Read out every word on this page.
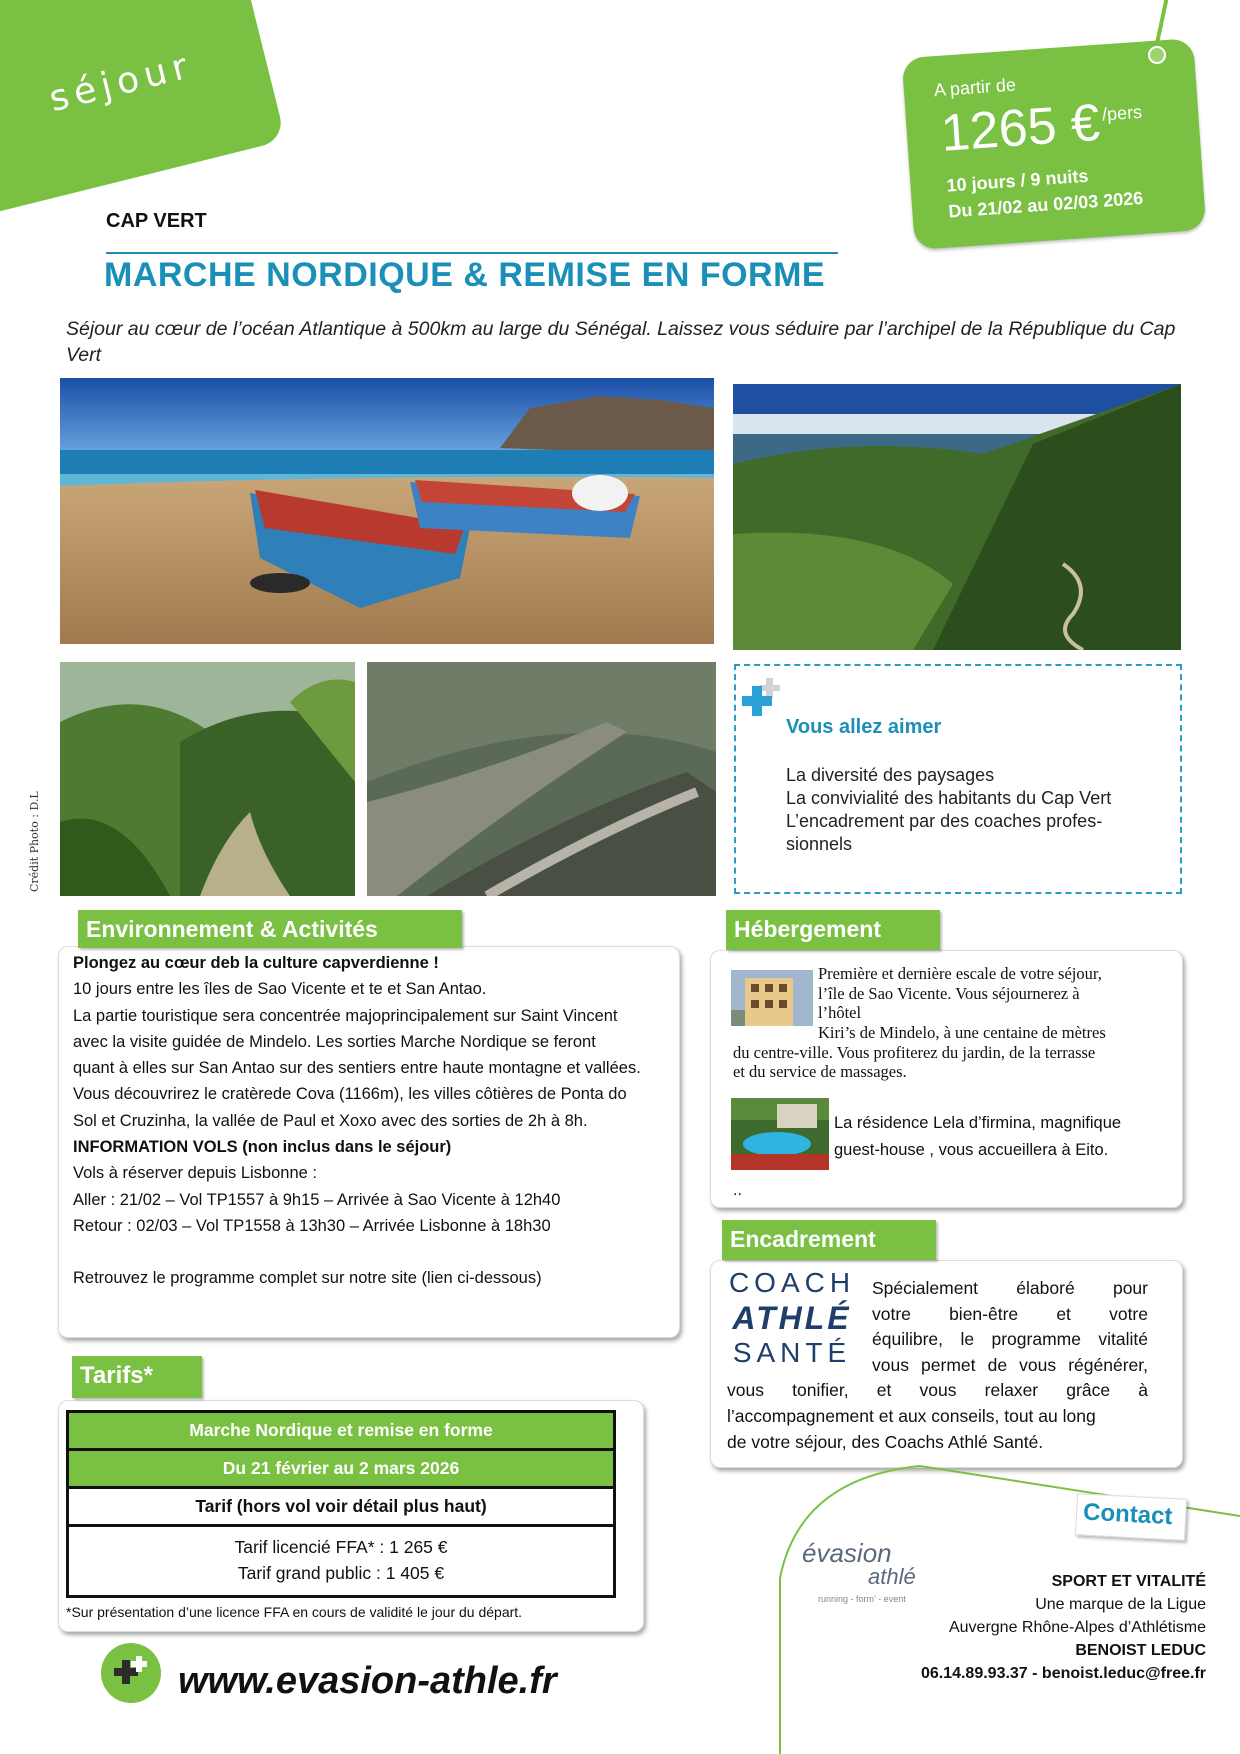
séjour	A partir de
1265 € /pers
10 jours / 9 nuits
Du 21/02 au 02/03 2026
CAP VERT
MARCHE NORDIQUE & REMISE EN FORME
Séjour au cœur de l’océan Atlantique à 500km au large du Sénégal. Laissez vous séduire par l’archipel de la République du Cap Vert
Crédit Photo : D.L
Vous allez aimer
La diversité des paysages
La convivialité des habitants du Cap Vert
L’encadrement par des coaches profes-
sionnels
Environnement & Activités
Plongez au cœur deb la culture capverdienne !
10 jours entre les îles de Sao Vicente et te et San Antao.
La partie touristique sera concentrée majoprincipalement sur Saint Vincent
avec la visite guidée de Mindelo. Les sorties Marche Nordique se feront
quant à elles sur San Antao sur des sentiers entre haute montagne et vallées.
Vous découvrirez le cratèrede Cova (1166m), les villes côtières de Ponta do
Sol et Cruzinha, la vallée de Paul et Xoxo avec des sorties de 2h à 8h.
INFORMATION VOLS (non inclus dans le séjour)
Vols à réserver depuis Lisbonne :
Aller : 21/02 – Vol TP1557 à 9h15 – Arrivée à Sao Vicente à 12h40
Retour : 02/03 – Vol TP1558 à 13h30 – Arrivée Lisbonne à 18h30
Retrouvez le programme complet sur notre site (lien ci-dessous)
Hébergement
Première et dernière escale de votre séjour,
l’île de Sao Vicente. Vous séjournerez à
l’hôtel
Kiri’s de Mindelo, à une centaine de mètres
du centre-ville. Vous profiterez du jardin, de la terrasse
et du service de massages.
La résidence Lela d’firmina, magnifique
guest-house , vous accueillera à Eito.
..
Encadrement
COACH
ATHLÉ
SANTÉ
Spécialement élaboré pour
votre bien-être et votre
équilibre, le programme vitalité
vous permet de vous régénérer,
vous tonifier, et vous relaxer grâce à
l’accompagnement et aux conseils, tout au long
de votre séjour, des Coachs Athlé Santé.
Tarifs*
Marche Nordique et remise en forme
Du 21 février au 2 mars 2026
Tarif (hors vol voir détail plus haut)
Tarif licencié FFA* : 1 265 €
Tarif grand public : 1 405 €
*Sur présentation d’une licence FFA en cours de validité le jour du départ.
www.evasion-athle.fr
Contact
évasion
athlé
running - form’ - event
SPORT ET VITALITÉ
Une marque de la Ligue
Auvergne Rhône-Alpes d’Athlétisme
BENOIST LEDUC
06.14.89.93.37 - benoist.leduc@free.fr
